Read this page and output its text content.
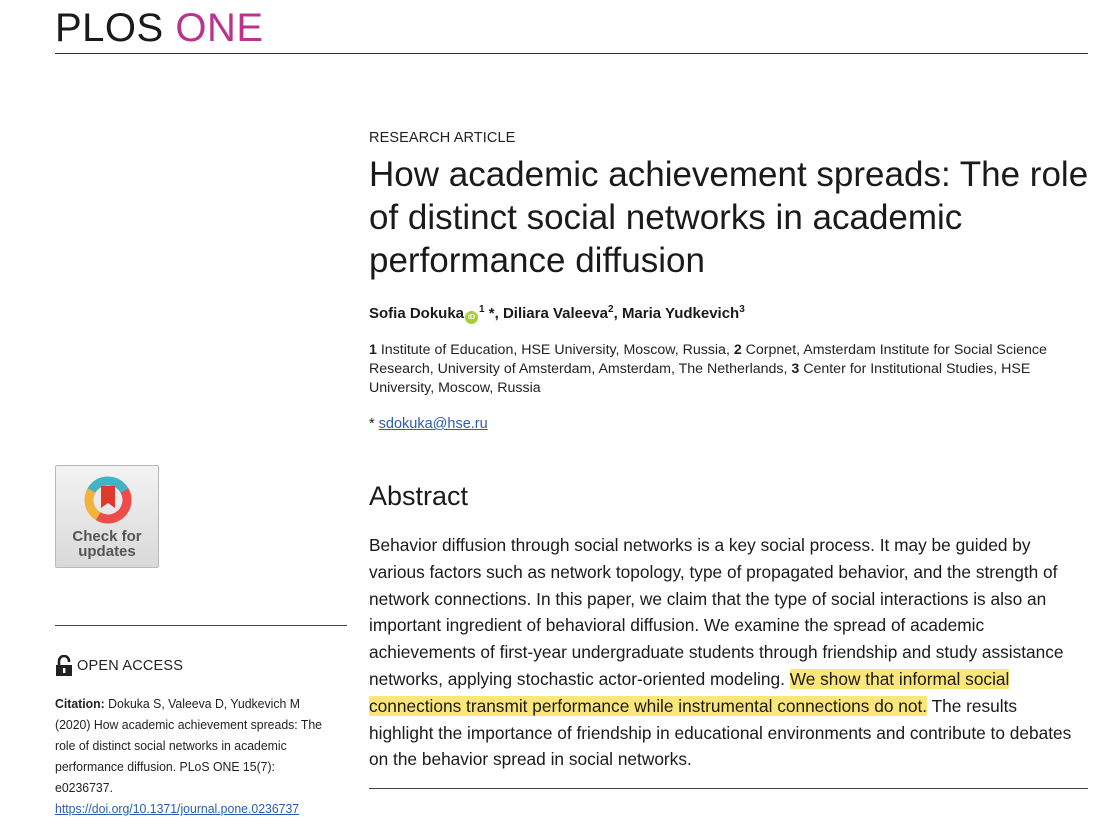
PLOS ONE
RESEARCH ARTICLE
How academic achievement spreads: The role of distinct social networks in academic performance diffusion
Sofia Dokuka $iD^1$ *, Diliara Valeeva$^2$, Maria Yudkevich$^3$
1 Institute of Education, HSE University, Moscow, Russia, 2 Corpnet, Amsterdam Institute for Social Science Research, University of Amsterdam, Amsterdam, The Netherlands, 3 Center for Institutional Studies, HSE University, Moscow, Russia
* sdokuka@hse.ru
Check for
updates
OPEN ACCESS
Citation: Dokuka S, Valeeva D, Yudkevich M (2020) How academic achievement spreads: The role of distinct social networks in academic performance diffusion. PLoS ONE 15(7): e0236737. https://doi.org/10.1371/journal.pone.0236737
Abstract
Behavior diffusion through social networks is a key social process. It may be guided by various factors such as network topology, type of propagated behavior, and the strength of network connections. In this paper, we claim that the type of social interactions is also an important ingredient of behavioral diffusion. We examine the spread of academic achievements of first-year undergraduate students through friendship and study assistance networks, applying stochastic actor-oriented modeling. We show that informal social connections transmit performance while instrumental connections do not. The results highlight the importance of friendship in educational environments and contribute to debates on the behavior spread in social networks.
